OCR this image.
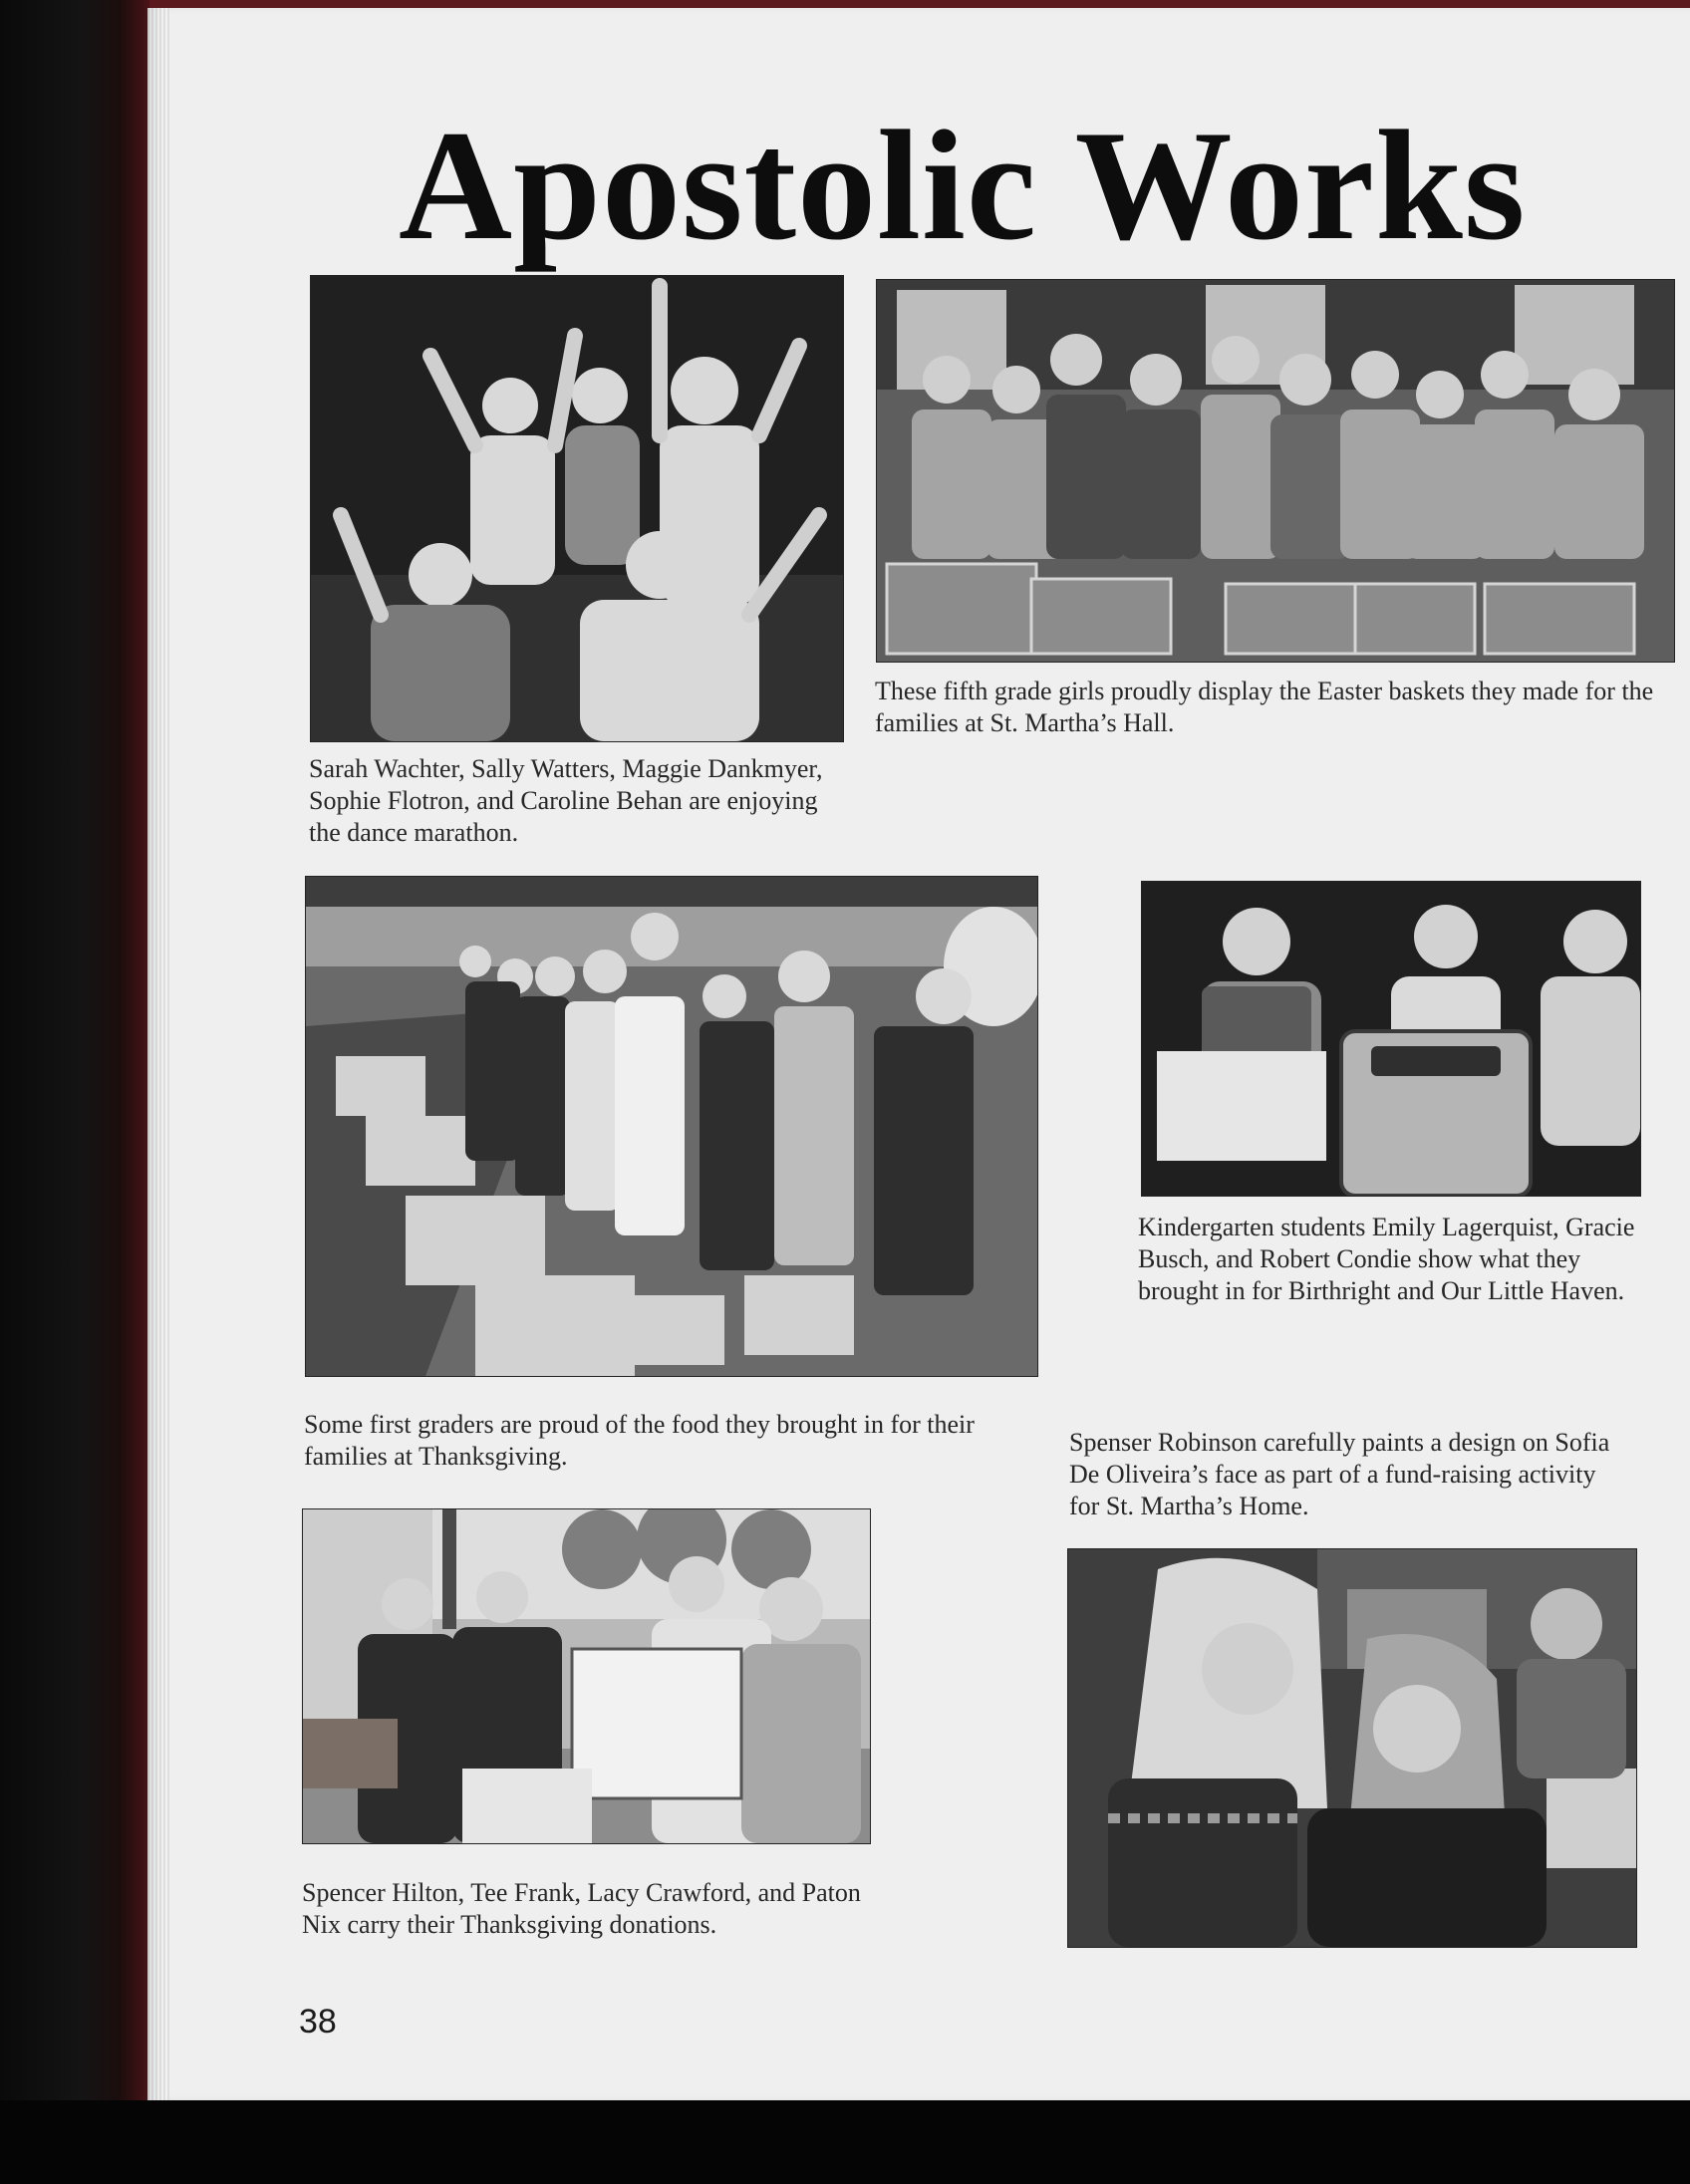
Apostolic Works

Sarah Wachter, Sally Watters, Maggie Dankmyer, Sophie Flotron, and Caroline Behan are enjoying the dance marathon.

These fifth grade girls proudly display the Easter baskets they made for the families at St. Martha’s Hall.

Some first graders are proud of the food they brought in for their families at Thanksgiving.

Kindergarten students Emily Lagerquist, Gracie Busch, and Robert Condie show what they brought in for Birthright and Our Little Haven.

Spencer Hilton, Tee Frank, Lacy Crawford, and Paton Nix carry their Thanksgiving donations.

Spenser Robinson carefully paints a design on Sofia De Oliveira’s face as part of a fund-raising activity for St. Martha’s Home.

38
